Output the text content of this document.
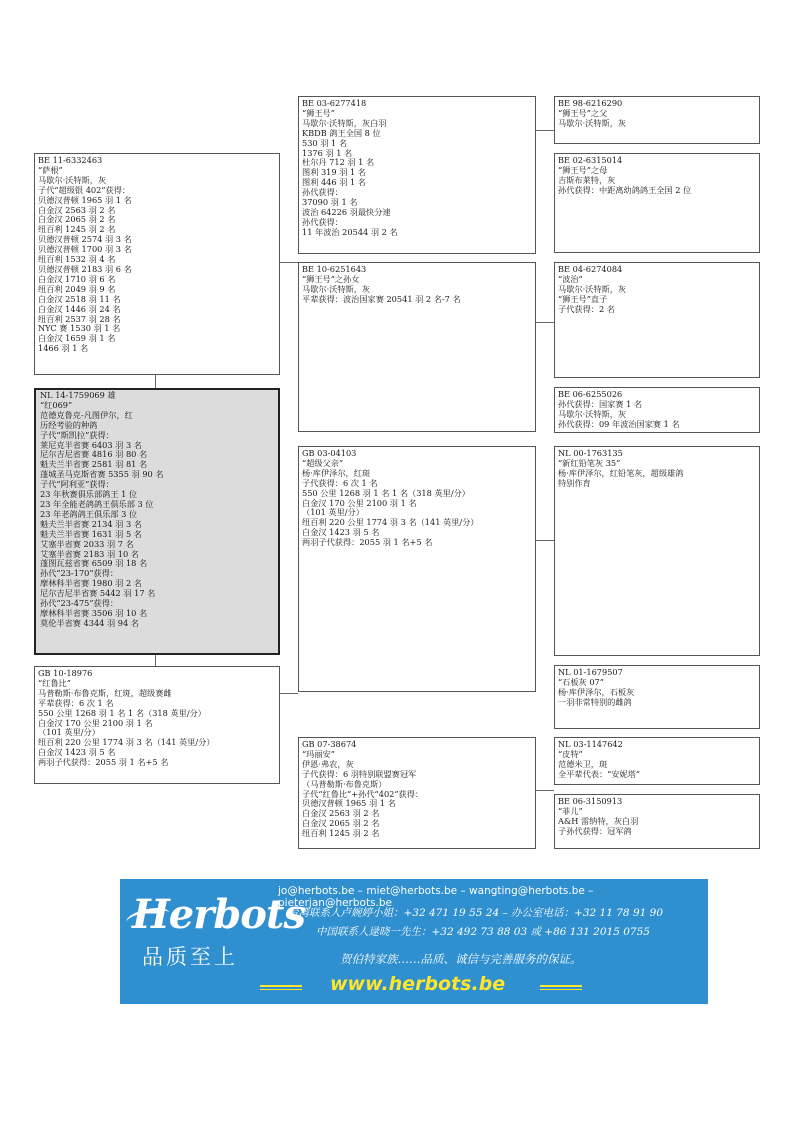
BE 03-6277418
“狮王号”
马歇尔·沃特斯，灰白羽
KBDB 鸽王全国 8 位
530 羽 1 名
1376 羽 1 名
杜尔丹 712 羽 1 名
图利 319 羽 1 名
图利 446 羽 1 名
孙代获得：
37090 羽 1 名
波治 64226 羽最快分速
孙代获得：
11 年波治 20544 羽 2 名
BE 10-6251643
“狮王号”之孙女
马歇尔·沃特斯，灰
平辈获得：波治国家赛 20541 羽 2 名-7 名
GB 03-04103
“超级父亲”
杨·库伊泽尔，红斑
子代获得：6 次 1 名
550 公里 1268 羽 1 名 1 名（318 英里/分）
白金汉 170 公里 2100 羽 1 名
（101 英里/分）
纽百利 220 公里 1774 羽 3 名（141 英里/分）
白金汉 1423 羽 5 名
两羽子代获得：2055 羽 1 名+5 名
GB 07-38674
“玛丽安”
伊恩·弗农，灰
子代获得：6 羽特别联盟赛冠军
（马普勒斯·布鲁克斯）
子代“红鲁比”+孙代“402”获得：
贝德汉普顿 1965 羽 1 名
白金汉 2563 羽 2 名
白金汉 2065 羽 2 名
纽百利 1245 羽 2 名
BE 98-6216290
“狮王号”之父
马歇尔·沃特斯，灰
BE 02-6315014
“狮王号”之母
吉斯布莱特，灰
孙代获得：中距离幼鸽鸽王全国 2 位
BE 04-6274084
“波治”
马歇尔·沃特斯，灰
“狮王号”直子
子代获得：2 名
BE 06-6255026
孙代获得：国家赛 1 名
马歇尔·沃特斯，灰
孙代获得：09 年波治国家赛 1 名
NL 00-1763135
“新红铅笔灰 35”
杨·库伊泽尔，红铅笔灰，超级雄鸽
特别作育
NL 01-1679507
“石板灰 07”
杨·库伊泽尔，石板灰
一羽非常特别的雌鸽
NL 03-1147642
“皮特”
范德米卫，斑
全平辈代表：“安妮塔”
BE 06-3150913
“菲儿”
A&H 雷纳特，灰白羽
子孙代获得：冠军鸽
BE 11-6332463
“萨根”
马歇尔·沃特斯，灰
子代“超级银 402”获得：
贝德汉普顿 1965 羽 1 名
白金汉 2563 羽 2 名
白金汉 2065 羽 2 名
纽百利 1245 羽 2 名
贝德汉普顿 2574 羽 3 名
贝德汉普顿 1700 羽 3 名
纽百利 1532 羽 4 名
贝德汉普顿 2183 羽 6 名
白金汉 1710 羽 6 名
纽百利 2049 羽 9 名
白金汉 2518 羽 11 名
白金汉 1446 羽 24 名
纽百利 2537 羽 28 名
NYC 赛 1530 羽 1 名
白金汉 1659 羽 1 名
1466 羽 1 名
NL 14-1759069 雄
“红069”
范德克鲁克-凡图伊尔，红
历经考验的种鸽
子代“斯凯拉”获得：
莱尼克半省赛 6403 羽 3 名
尼尔吉尼省赛 4816 羽 80 名
魁夫兰半省赛 2581 羽 81 名
蓬城圣马克斯省赛 5355 羽 90 名
子代“阿利亚”获得：
23 年秋赛俱乐部鸽王 1 位
23 年全能老鸽鸽王俱乐部 3 位
23 年老鸽鸽王俱乐部 3 位
魁夫兰半省赛 2134 羽 3 名
魁夫兰半省赛 1631 羽 5 名
艾塞半省赛 2033 羽 7 名
艾塞半省赛 2183 羽 10 名
蓬图瓦兹省赛 6509 羽 18 名
孙代“23-170”获得：
摩林科半省赛 1980 羽 2 名
尼尔吉尼半省赛 5442 羽 17 名
孙代“23-475”获得：
摩林科半省赛 3506 羽 10 名
莫伦半省赛 4344 羽 94 名
GB 10-18976
“红鲁比”
马普勒斯·布鲁克斯，红斑，超级赛雌
平辈获得：6 次 1 名
550 公里 1268 羽 1 名 1 名（318 英里/分）
白金汉 170 公里 2100 羽 1 名
（101 英里/分）
纽百利 220 公里 1774 羽 3 名（141 英里/分）
白金汉 1423 羽 5 名
两羽子代获得：2055 羽 1 名+5 名
Herbots
品质至上
jo@herbots.be – miet@herbots.be – wangting@herbots.be – pieterjan@herbots.be
台湾联系人卢婉婷小姐：+32 471 19 55 24 – 办公室电话：+32 11 78 91 90
中国联系人逯晓一先生：+32 492 73 88 03 或 +86 131 2015 0755
贺伯特家族……品质、诚信与完善服务的保证。
www.herbots.be
